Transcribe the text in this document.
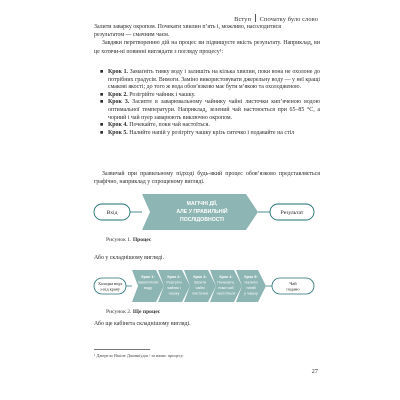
Вступ Спочатку було слово

Залити заварку окропом. Почекати хвилин п’ять і, можливо, насолодитися

результатом — смачним чаєм.

Завдяки перетворенню дій на процес ви підвищуєте якість результату. Наприклад, ви це хотячи-ні повинні виглядати з погляду процесу¹:

■ Крок 1. Замаґніть тивку воду і залишіть на кілька хвилин, поки вона не охолоне до потрібних градусів. Вимоги. Заміно використовувати джерельну воду — у неї кращі смакові якості; до того ж вода обов’язково має бути м’якою та охолодженою.
■ Крок 2. Розігрійте чайник і чашку.
■ Крок 3. Засипте в заварювальному чайнику чайні листочки кипʼяченою водою оптимальної температури. Наприклад, зелений чай настоюється при 65–85 °С, а чорний і чай пуер заварюють виключно окропом.
■ Крок 4. Почекайте, поки чай настоїться.
■ Крок 5. Налийте напій у розігріту чашку крізь ситечко і подавайте на стіл

Зазвичай при правильному підході будь-який процес обов’язково представляється графічно, наприклад у спрощеному вигляді.

Вхід
МАГІЧНІ ДІЇ,
АЛЕ У ПРАВИЛЬНІЙ
ПОСЛІДОВНОСТІ
Результат
Рисунок 1. Процес

Або у складнішому вигляді.

Холодна вода
з-під крану
Крок 1:
Закип’ятити
воду
Крок 2:
Розігріти
чайник і
чашку
Крок 3:
Залити
чайні
листочки
Крок 4:
Почекати,
поки чай
настоїться
Крок 5:
Налити
напій
у чашку
Чай
подано
Рисунок 2. Ще процес

Або ще кабінета складнішому вигляді.

¹ Джерело Вікіпе Джовкіудія / за нами: процесу.
27
